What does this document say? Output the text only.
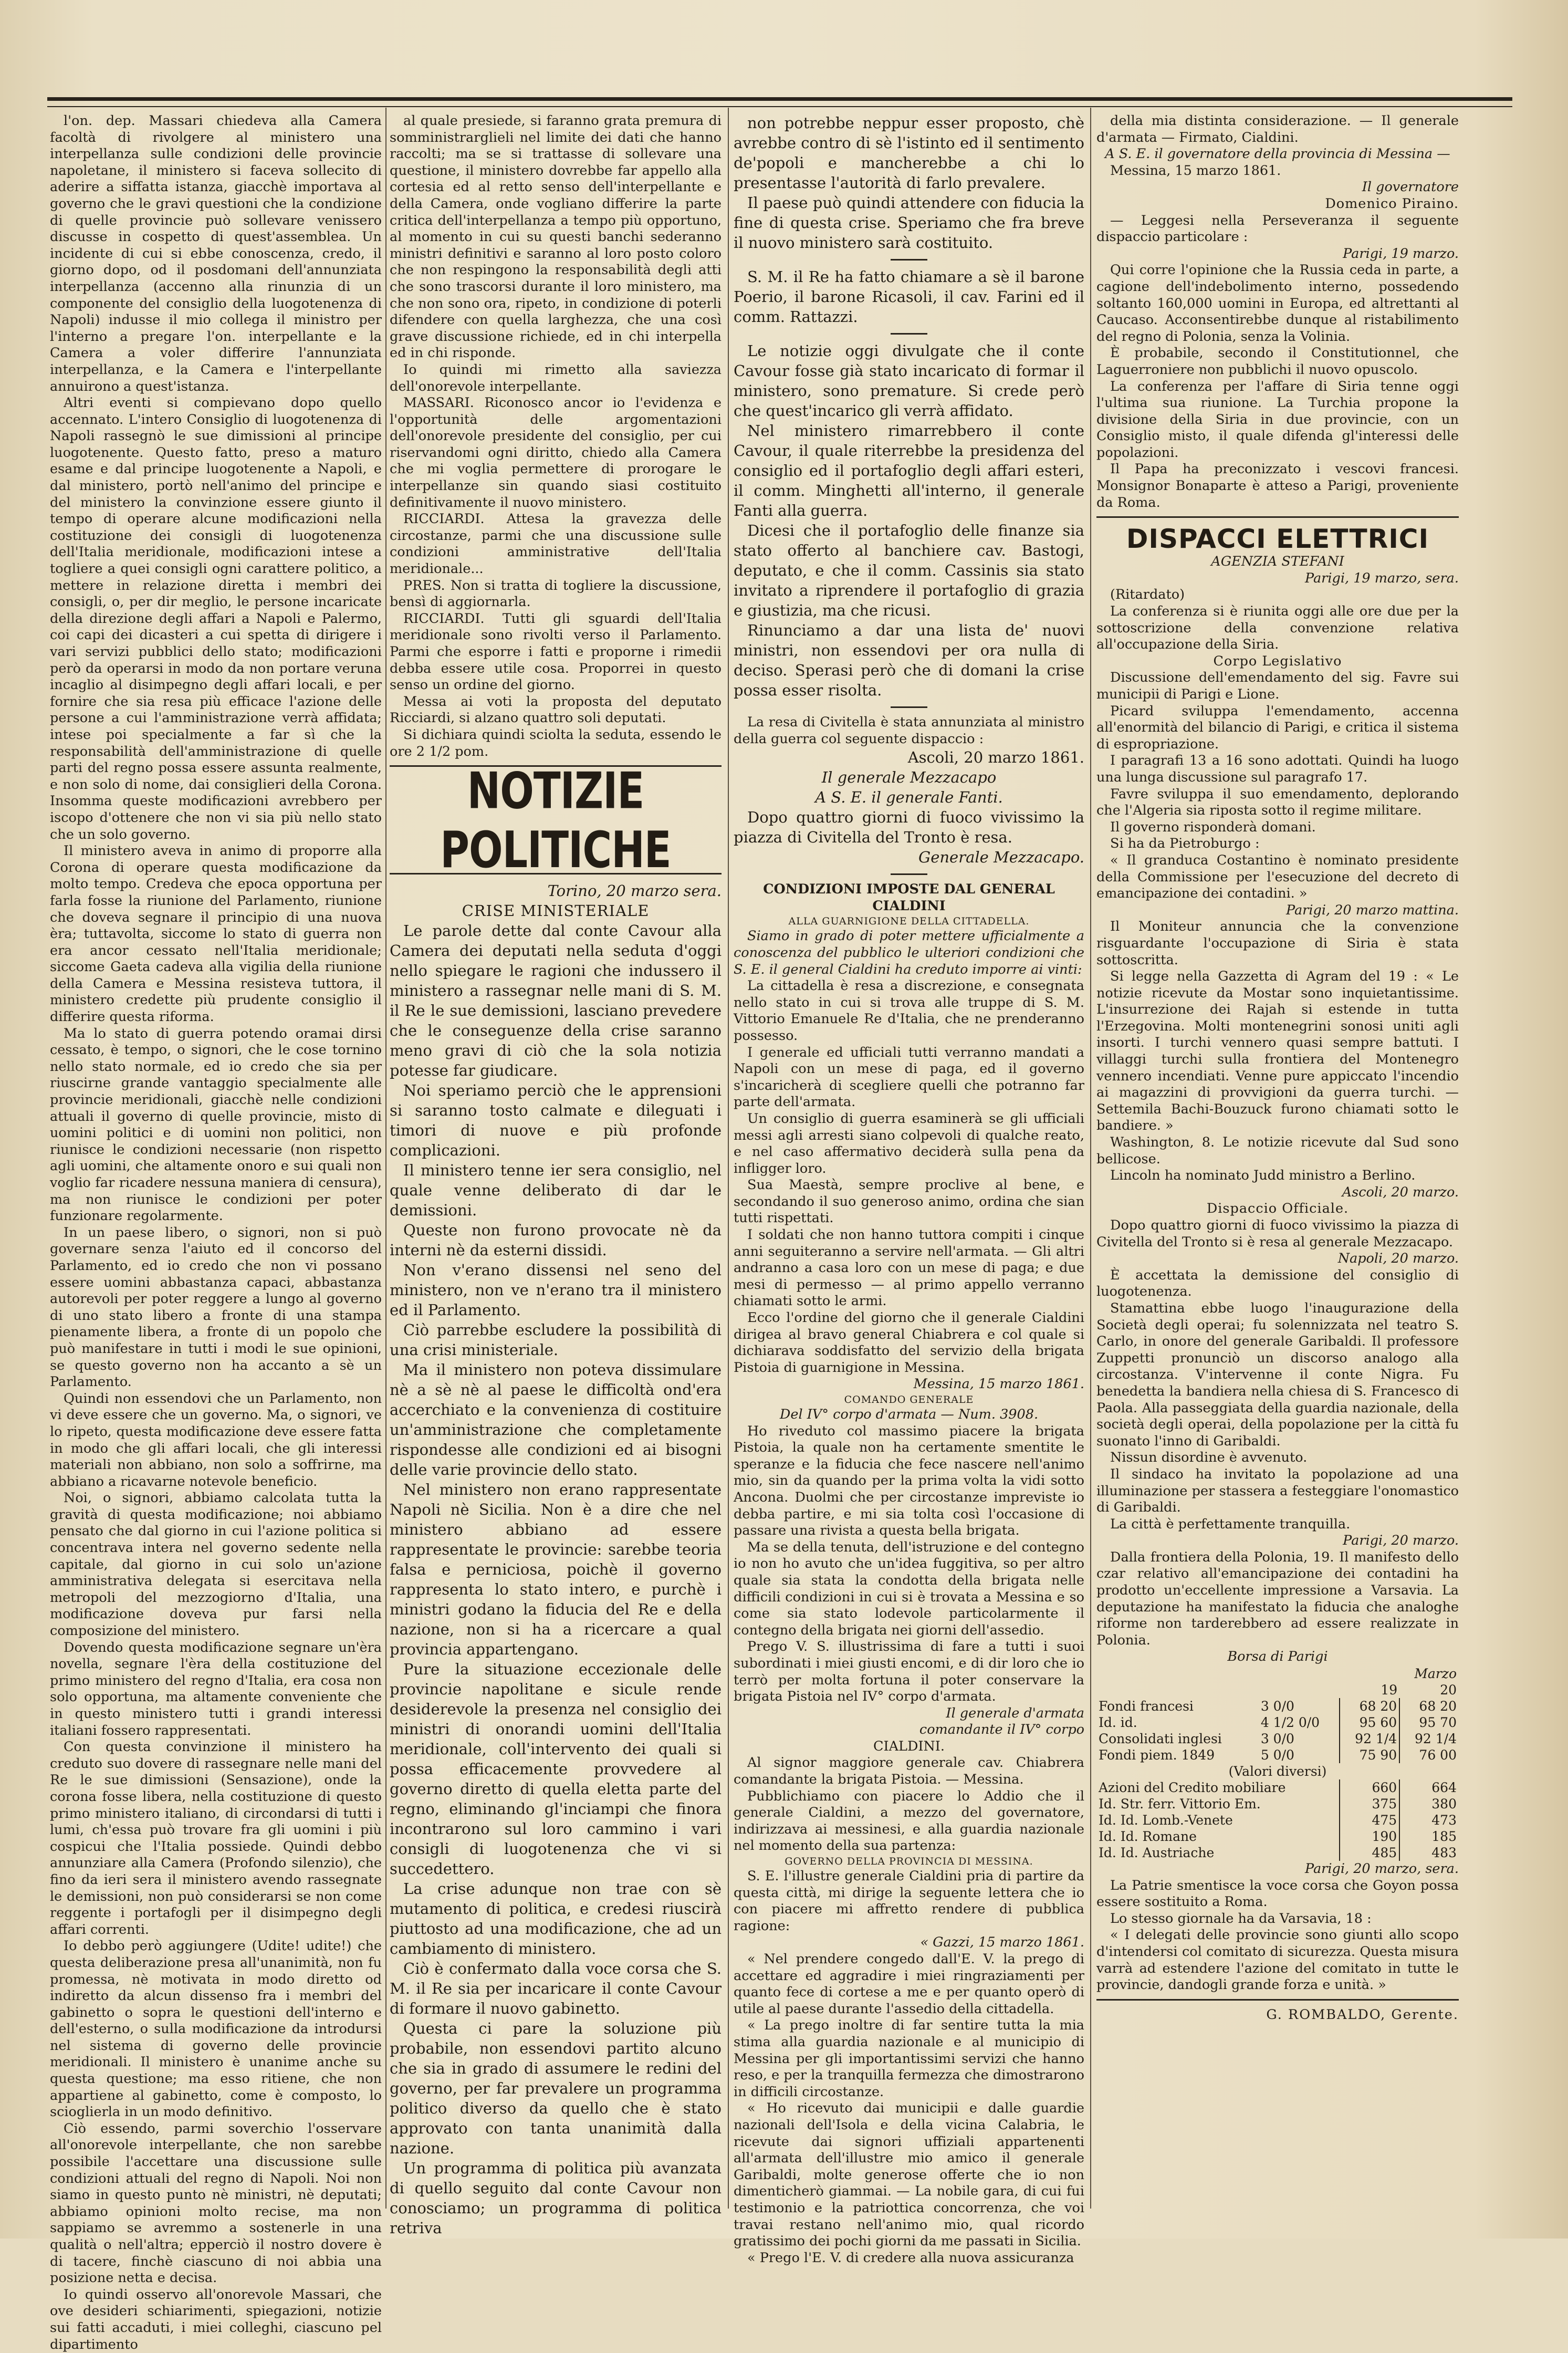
l'on. dep. Massari chiedeva alla Camera facoltà di rivolgere al ministero una interpellanza sulle condizioni delle provincie napoletane, il ministero si faceva sollecito di aderire a siffatta istanza, giacchè importava al governo che le gravi questioni che la condizione di quelle provincie può sollevare venissero discusse in cospetto di quest'assemblea. Un incidente di cui si ebbe conoscenza, credo, il giorno dopo, od il posdomani dell'annunziata interpellanza (accenno alla rinunzia di un componente del consiglio della luogotenenza di Napoli) indusse il mio collega il ministro per l'interno a pregare l'on. interpellante e la Camera a voler differire l'annunziata interpellanza, e la Camera e l'interpellante annuirono a quest'istanza.

Altri eventi si compievano dopo quello accennato. L'intero Consiglio di luogotenenza di Napoli rassegnò le sue dimissioni al principe luogotenente. Questo fatto, preso a maturo esame e dal principe luogotenente a Napoli, e dal ministero, portò nell'animo del principe e del ministero la convinzione essere giunto il tempo di operare alcune modificazioni nella costituzione dei consigli di luogotenenza dell'Italia meridionale, modificazioni intese a togliere a quei consigli ogni carattere politico, a mettere in relazione diretta i membri dei consigli, o, per dir meglio, le persone incaricate della direzione degli affari a Napoli e Palermo, coi capi dei dicasteri a cui spetta di dirigere i vari servizi pubblici dello stato; modificazioni però da operarsi in modo da non portare veruna incaglio al disimpegno degli affari locali, e per fornire che sia resa più efficace l'azione delle persone a cui l'amministrazione verrà affidata; intese poi specialmente a far sì che la responsabilità dell'amministrazione di quelle parti del regno possa essere assunta realmente, e non solo di nome, dai consiglieri della Corona. Insomma queste modificazioni avrebbero per iscopo d'ottenere che non vi sia più nello stato che un solo governo.

Il ministero aveva in animo di proporre alla Corona di operare questa modificazione da molto tempo. Credeva che epoca opportuna per farla fosse la riunione del Parlamento, riunione che doveva segnare il principio di una nuova èra; tuttavolta, siccome lo stato di guerra non era ancor cessato nell'Italia meridionale; siccome Gaeta cadeva alla vigilia della riunione della Camera e Messina resisteva tuttora, il ministero credette più prudente consiglio il differire questa riforma.

Ma lo stato di guerra potendo oramai dirsi cessato, è tempo, o signori, che le cose tornino nello stato normale, ed io credo che sia per riuscirne grande vantaggio specialmente alle provincie meridionali, giacchè nelle condizioni attuali il governo di quelle provincie, misto di uomini politici e di uomini non politici, non riunisce le condizioni necessarie (non rispetto agli uomini, che altamente onoro e sui quali non voglio far ricadere nessuna maniera di censura), ma non riunisce le condizioni per poter funzionare regolarmente.

In un paese libero, o signori, non si può governare senza l'aiuto ed il concorso del Parlamento, ed io credo che non vi possano essere uomini abbastanza capaci, abbastanza autorevoli per poter reggere a lungo al governo di uno stato libero a fronte di una stampa pienamente libera, a fronte di un popolo che può manifestare in tutti i modi le sue opinioni, se questo governo non ha accanto a sè un Parlamento.

Quindi non essendovi che un Parlamento, non vi deve essere che un governo. Ma, o signori, ve lo ripeto, questa modificazione deve essere fatta in modo che gli affari locali, che gli interessi materiali non abbiano, non solo a soffrirne, ma abbiano a ricavarne notevole beneficio.

Noi, o signori, abbiamo calcolata tutta la gravità di questa modificazione; noi abbiamo pensato che dal giorno in cui l'azione politica si concentrava intera nel governo sedente nella capitale, dal giorno in cui solo un'azione amministrativa delegata si esercitava nella metropoli del mezzogiorno d'Italia, una modificazione doveva pur farsi nella composizione del ministero.

Dovendo questa modificazione segnare un'èra novella, segnare l'èra della costituzione del primo ministero del regno d'Italia, era cosa non solo opportuna, ma altamente conveniente che in questo ministero tutti i grandi interessi italiani fossero rappresentati.

Con questa convinzione il ministero ha creduto suo dovere di rassegnare nelle mani del Re le sue dimissioni (Sensazione), onde la corona fosse libera, nella costituzione di questo primo ministero italiano, di circondarsi di tutti i lumi, ch'essa può trovare fra gli uomini i più cospicui che l'Italia possiede. Quindi debbo annunziare alla Camera (Profondo silenzio), che fino da ieri sera il ministero avendo rassegnate le demissioni, non può considerarsi se non come reggente i portafogli per il disimpegno degli affari correnti.

Io debbo però aggiungere (Udite! udite!) che questa deliberazione presa all'unanimità, non fu promessa, nè motivata in modo diretto od indiretto da alcun dissenso fra i membri del gabinetto o sopra le questioni dell'interno e dell'esterno, o sulla modificazione da introdursi nel sistema di governo delle provincie meridionali. Il ministero è unanime anche su questa questione; ma esso ritiene, che non appartiene al gabinetto, come è composto, lo scioglierla in un modo definitivo.

Ciò essendo, parmi soverchio l'osservare all'onorevole interpellante, che non sarebbe possibile l'accettare una discussione sulle condizioni attuali del regno di Napoli. Noi non siamo in questo punto nè ministri, nè deputati; abbiamo opinioni molto recise, ma non sappiamo se avremmo a sostenerle in una qualità o nell'altra; epperciò il nostro dovere è di tacere, finchè ciascuno di noi abbia una posizione netta e decisa.

Io quindi osservo all'onorevole Massari, che ove desideri schiarimenti, spiegazioni, notizie sui fatti accaduti, i miei colleghi, ciascuno pel dipartimento

al quale presiede, si faranno grata premura di somministrarglieli nel limite dei dati che hanno raccolti; ma se si trattasse di sollevare una questione, il ministero dovrebbe far appello alla cortesia ed al retto senso dell'interpellante e della Camera, onde vogliano differire la parte critica dell'interpellanza a tempo più opportuno, al momento in cui su questi banchi sederanno ministri definitivi e saranno al loro posto coloro che non respingono la responsabilità degli atti che sono trascorsi durante il loro ministero, ma che non sono ora, ripeto, in condizione di poterli difendere con quella larghezza, che una così grave discussione richiede, ed in chi interpella ed in chi risponde.

Io quindi mi rimetto alla saviezza dell'onorevole interpellante.

MASSARI. Riconosco ancor io l'evidenza e l'opportunità delle argomentazioni dell'onorevole presidente del consiglio, per cui riservandomi ogni diritto, chiedo alla Camera che mi voglia permettere di prorogare le interpellanze sin quando siasi costituito definitivamente il nuovo ministero.

RICCIARDI. Attesa la gravezza delle circostanze, parmi che una discussione sulle condizioni amministrative dell'Italia meridionale...

PRES. Non si tratta di togliere la discussione, bensì di aggiornarla.

RICCIARDI. Tutti gli sguardi dell'Italia meridionale sono rivolti verso il Parlamento. Parmi che esporre i fatti e proporne i rimedii debba essere utile cosa. Proporrei in questo senso un ordine del giorno.

Messa ai voti la proposta del deputato Ricciardi, si alzano quattro soli deputati.

Si dichiara quindi sciolta la seduta, essendo le ore 2 1/2 pom.

NOTIZIE POLITICHE

Torino, 20 marzo sera.

CRISE MINISTERIALE

Le parole dette dal conte Cavour alla Camera dei deputati nella seduta d'oggi nello spiegare le ragioni che indussero il ministero a rassegnar nelle mani di S. M. il Re le sue demissioni, lasciano prevedere che le conseguenze della crise saranno meno gravi di ciò che la sola notizia potesse far giudicare.

Noi speriamo perciò che le apprensioni si saranno tosto calmate e dileguati i timori di nuove e più profonde complicazioni.

Il ministero tenne ier sera consiglio, nel quale venne deliberato di dar le demissioni.

Queste non furono provocate nè da interni nè da esterni dissidi.

Non v'erano dissensi nel seno del ministero, non ve n'erano tra il ministero ed il Parlamento.

Ciò parrebbe escludere la possibilità di una crisi ministeriale.

Ma il ministero non poteva dissimulare nè a sè nè al paese le difficoltà ond'era accerchiato e la convenienza di costituire un'amministrazione che completamente rispondesse alle condizioni ed ai bisogni delle varie provincie dello stato.

Nel ministero non erano rappresentate Napoli nè Sicilia. Non è a dire che nel ministero abbiano ad essere rappresentate le provincie: sarebbe teoria falsa e perniciosa, poichè il governo rappresenta lo stato intero, e purchè i ministri godano la fiducia del Re e della nazione, non si ha a ricercare a qual provincia appartengano.

Pure la situazione eccezionale delle provincie napolitane e sicule rende desiderevole la presenza nel consiglio dei ministri di onorandi uomini dell'Italia meridionale, coll'intervento dei quali si possa efficacemente provvedere al governo diretto di quella eletta parte del regno, eliminando gl'inciampi che finora incontrarono sul loro cammino i vari consigli di luogotenenza che vi si succedettero.

La crise adunque non trae con sè mutamento di politica, e credesi riuscirà piuttosto ad una modificazione, che ad un cambiamento di ministero.

Ciò è confermato dalla voce corsa che S. M. il Re sia per incaricare il conte Cavour di formare il nuovo gabinetto.

Questa ci pare la soluzione più probabile, non essendovi partito alcuno che sia in grado di assumere le redini del governo, per far prevalere un programma politico diverso da quello che è stato approvato con tanta unanimità dalla nazione.

Un programma di politica più avanzata di quello seguito dal conte Cavour non conosciamo; un programma di politica retriva

non potrebbe neppur esser proposto, chè avrebbe contro di sè l'istinto ed il sentimento de'popoli e mancherebbe a chi lo presentasse l'autorità di farlo prevalere.

Il paese può quindi attendere con fiducia la fine di questa crise. Speriamo che fra breve il nuovo ministero sarà costituito.

S. M. il Re ha fatto chiamare a sè il barone Poerio, il barone Ricasoli, il cav. Farini ed il comm. Rattazzi.

Le notizie oggi divulgate che il conte Cavour fosse già stato incaricato di formar il ministero, sono premature. Si crede però che quest'incarico gli verrà affidato.

Nel ministero rimarrebbero il conte Cavour, il quale riterrebbe la presidenza del consiglio ed il portafoglio degli affari esteri, il comm. Minghetti all'interno, il generale Fanti alla guerra.

Dicesi che il portafoglio delle finanze sia stato offerto al banchiere cav. Bastogi, deputato, e che il comm. Cassinis sia stato invitato a riprendere il portafoglio di grazia e giustizia, ma che ricusi.

Rinunciamo a dar una lista de' nuovi ministri, non essendovi per ora nulla di deciso. Sperasi però che di domani la crise possa esser risolta.

La resa di Civitella è stata annunziata al ministro della guerra col seguente dispaccio :

Ascoli, 20 marzo 1861.

Il generale Mezzacapo

A S. E. il generale Fanti.

Dopo quattro giorni di fuoco vivissimo la piazza di Civitella del Tronto è resa.

Generale Mezzacapo.

CONDIZIONI IMPOSTE DAL GENERAL CIALDINI

ALLA GUARNIGIONE DELLA CITTADELLA.

Siamo in grado di poter mettere ufficialmente a conoscenza del pubblico le ulteriori condizioni che S. E. il general Cialdini ha creduto imporre ai vinti:

La cittadella è resa a discrezione, e consegnata nello stato in cui si trova alle truppe di S. M. Vittorio Emanuele Re d'Italia, che ne prenderanno possesso.

I generale ed ufficiali tutti verranno mandati a Napoli con un mese di paga, ed il governo s'incaricherà di scegliere quelli che potranno far parte dell'armata.

Un consiglio di guerra esaminerà se gli ufficiali messi agli arresti siano colpevoli di qualche reato, e nel caso affermativo deciderà sulla pena da infligger loro.

Sua Maestà, sempre proclive al bene, e secondando il suo generoso animo, ordina che sian tutti rispettati.

I soldati che non hanno tuttora compiti i cinque anni seguiteranno a servire nell'armata. — Gli altri andranno a casa loro con un mese di paga; e due mesi di permesso — al primo appello verranno chiamati sotto le armi.

Ecco l'ordine del giorno che il generale Cialdini dirigea al bravo general Chiabrera e col quale si dichiarava soddisfatto del servizio della brigata Pistoia di guarnigione in Messina.

Messina, 15 marzo 1861.

COMANDO GENERALE

Del IV° corpo d'armata — Num. 3908.

Ho riveduto col massimo piacere la brigata Pistoia, la quale non ha certamente smentite le speranze e la fiducia che fece nascere nell'animo mio, sin da quando per la prima volta la vidi sotto Ancona. Duolmi che per circostanze impreviste io debba partire, e mi sia tolta così l'occasione di passare una rivista a questa bella brigata.

Ma se della tenuta, dell'istruzione e del contegno io non ho avuto che un'idea fuggitiva, so per altro quale sia stata la condotta della brigata nelle difficili condizioni in cui si è trovata a Messina e so come sia stato lodevole particolarmente il contegno della brigata nei giorni dell'assedio.

Prego V. S. illustrissima di fare a tutti i suoi subordinati i miei giusti encomi, e di dir loro che io terrò per molta fortuna il poter conservare la brigata Pistoia nel IV° corpo d'armata.

Il generale d'armata

comandante il IV° corpo

CIALDINI.

Al signor maggiore generale cav. Chiabrera comandante la brigata Pistoia. — Messina.

Pubblichiamo con piacere lo Addio che il generale Cialdini, a mezzo del governatore, indirizzava ai messinesi, e alla guardia nazionale nel momento della sua partenza:

GOVERNO DELLA PROVINCIA DI MESSINA.

S. E. l'illustre generale Cialdini pria di partire da questa città, mi dirige la seguente lettera che io con piacere mi affretto rendere di pubblica ragione:

« Gazzi, 15 marzo 1861.

« Nel prendere congedo dall'E. V. la prego di accettare ed aggradire i miei ringraziamenti per quanto fece di cortese a me e per quanto operò di utile al paese durante l'assedio della cittadella.

« La prego inoltre di far sentire tutta la mia stima alla guardia nazionale e al municipio di Messina per gli importantissimi servizi che hanno reso, e per la tranquilla fermezza che dimostrarono in difficili circostanze.

« Ho ricevuto dai municipii e dalle guardie nazionali dell'Isola e della vicina Calabria, le ricevute dai signori uffiziali appartenenti all'armata dell'illustre mio amico il generale Garibaldi, molte generose offerte che io non dimenticherò giammai. — La nobile gara, di cui fui testimonio e la patriottica concorrenza, che voi travai restano nell'animo mio, qual ricordo gratissimo dei pochi giorni da me passati in Sicilia.

« Prego l'E. V. di credere alla nuova assicuranza

della mia distinta considerazione. — Il generale d'armata — Firmato, Cialdini.

A S. E. il governatore della provincia di Messina —

Messina, 15 marzo 1861.

Il governatore

Domenico Piraino.

— Leggesi nella Perseveranza il seguente dispaccio particolare :

Parigi, 19 marzo.

Qui corre l'opinione che la Russia ceda in parte, a cagione dell'indebolimento interno, possedendo soltanto 160,000 uomini in Europa, ed altrettanti al Caucaso. Acconsentirebbe dunque al ristabilimento del regno di Polonia, senza la Volinia.

È probabile, secondo il Constitutionnel, che Laguerroniere non pubblichi il nuovo opuscolo.

La conferenza per l'affare di Siria tenne oggi l'ultima sua riunione. La Turchia propone la divisione della Siria in due provincie, con un Consiglio misto, il quale difenda gl'interessi delle popolazioni.

Il Papa ha preconizzato i vescovi francesi. Monsignor Bonaparte è atteso a Parigi, proveniente da Roma.

DISPACCI ELETTRICI

AGENZIA STEFANI

Parigi, 19 marzo, sera.

(Ritardato)

La conferenza si è riunita oggi alle ore due per la sottoscrizione della convenzione relativa all'occupazione della Siria.

Corpo Legislativo

Discussione dell'emendamento del sig. Favre sui municipii di Parigi e Lione.

Picard sviluppa l'emendamento, accenna all'enormità del bilancio di Parigi, e critica il sistema di espropriazione.

I paragrafi 13 a 16 sono adottati. Quindi ha luogo una lunga discussione sul paragrafo 17.

Favre sviluppa il suo emendamento, deplorando che l'Algeria sia riposta sotto il regime militare.

Il governo risponderà domani.

Si ha da Pietroburgo :

« Il granduca Costantino è nominato presidente della Commissione per l'esecuzione del decreto di emancipazione dei contadini. »

Parigi, 20 marzo mattina.

Il Moniteur annuncia che la convenzione risguardante l'occupazione di Siria è stata sottoscritta.

Si legge nella Gazzetta di Agram del 19 : « Le notizie ricevute da Mostar sono inquietantissime. L'insurrezione dei Rajah si estende in tutta l'Erzegovina. Molti montenegrini sonosi uniti agli insorti. I turchi vennero quasi sempre battuti. I villaggi turchi sulla frontiera del Montenegro vennero incendiati. Venne pure appiccato l'incendio ai magazzini di provvigioni da guerra turchi. — Settemila Bachi-Bouzuck furono chiamati sotto le bandiere. »

Washington, 8. Le notizie ricevute dal Sud sono bellicose.

Lincoln ha nominato Judd ministro a Berlino.

Ascoli, 20 marzo.

Dispaccio Officiale.

Dopo quattro giorni di fuoco vivissimo la piazza di Civitella del Tronto si è resa al generale Mezzacapo.

Napoli, 20 marzo.

È accettata la demissione del consiglio di luogotenenza.

Stamattina ebbe luogo l'inaugurazione della Società degli operai; fu solennizzata nel teatro S. Carlo, in onore del generale Garibaldi. Il professore Zuppetti pronunciò un discorso analogo alla circostanza. V'intervenne il conte Nigra. Fu benedetta la bandiera nella chiesa di S. Francesco di Paola. Alla passeggiata della guardia nazionale, della società degli operai, della popolazione per la città fu suonato l'inno di Garibaldi.

Nissun disordine è avvenuto.

Il sindaco ha invitato la popolazione ad una illuminazione per stassera a festeggiare l'onomastico di Garibaldi.

La città è perfettamente tranquilla.

Parigi, 20 marzo.

Dalla frontiera della Polonia, 19. Il manifesto dello czar relativo all'emancipazione dei contadini ha prodotto un'eccellente impressione a Varsavia. La deputazione ha manifestato la fiducia che analoghe riforme non tarderebbero ad essere realizzate in Polonia.

Borsa di Parigi

		Marzo	
		19	20
Fondi francesi	3 0/0	68 20	68 20
Id. id.	4 1/2 0/0	95 60	95 70
Consolidati inglesi	3 0/0	92 1/4	92 1/4
Fondi piem. 1849	5 0/0	75 90	76 00
(Valori diversi)			
Azioni del Credito mobiliare		660	664
Id. Str. ferr. Vittorio Em.		375	380
Id. Id. Lomb.-Venete		475	473
Id. Id. Romane		190	185
Id. Id. Austriache		485	483

Parigi, 20 marzo, sera.

La Patrie smentisce la voce corsa che Goyon possa essere sostituito a Roma.

Lo stesso giornale ha da Varsavia, 18 :

« I delegati delle provincie sono giunti allo scopo d'intendersi col comitato di sicurezza. Questa misura varrà ad estendere l'azione del comitato in tutte le provincie, dandogli grande forza e unità. »

G. ROMBALDO, Gerente.
